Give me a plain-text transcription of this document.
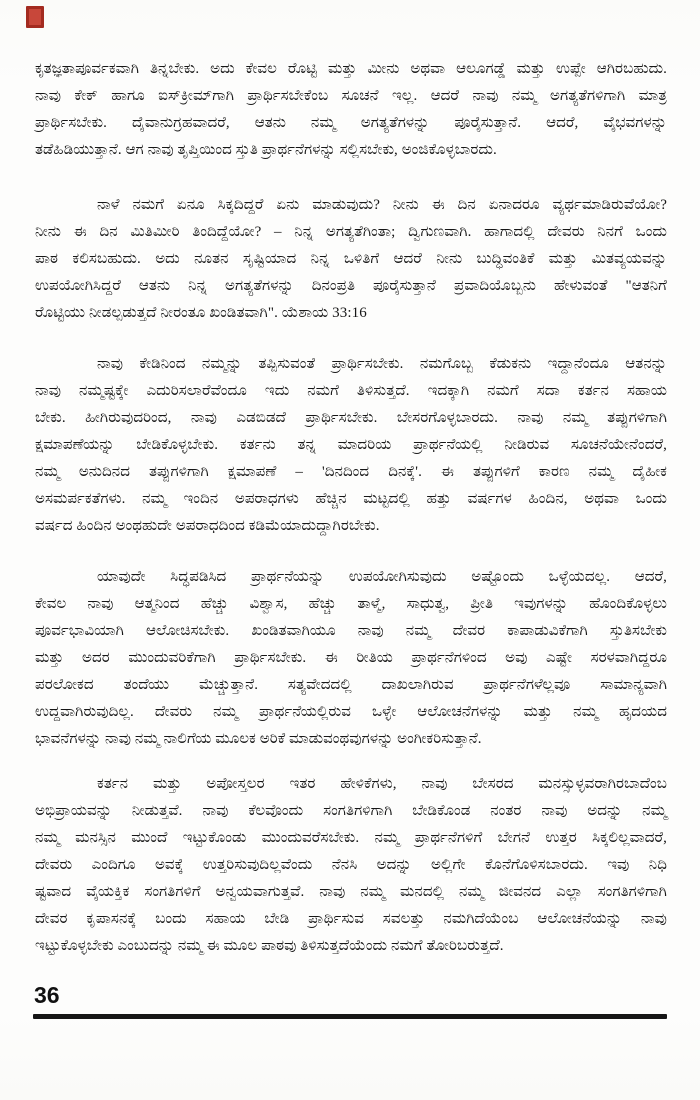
ಕೃತಜ್ಞತಾಪೂರ್ವಕವಾಗಿ ತಿನ್ನಬೇಕು. ಅದು ಕೇವಲ ರೊಟ್ಟಿ ಮತ್ತು ಮೀನು ಅಥವಾ ಆಲೂಗಡ್ಡೆ ಮತ್ತು ಉಪ್ಪೇ ಆಗಿರಬಹುದು.
ನಾವು ಕೇಕ್ ಹಾಗೂ ಐಸ್‌ಕ್ರೀಮ್‌ಗಾಗಿ ಪ್ರಾರ್ಥಿಸಬೇಕೆಂಬ ಸೂಚನೆ ಇಲ್ಲ. ಆದರೆ ನಾವು ನಮ್ಮ ಅಗತ್ಯತೆಗಳಿಗಾಗಿ ಮಾತ್ರ
ಪ್ರಾರ್ಥಿಸಬೇಕು. ದೈವಾನುಗ್ರಹವಾದರೆ, ಆತನು ನಮ್ಮ ಅಗತ್ಯತೆಗಳನ್ನು ಪೂರೈಸುತ್ತಾನೆ. ಆದರೆ, ವೈಭವಗಳನ್ನು
ತಡೆಹಿಡಿಯುತ್ತಾನೆ. ಆಗ ನಾವು ತೃಪ್ತಿಯಿಂದ ಸ್ತುತಿ ಪ್ರಾರ್ಥನೆಗಳನ್ನು ಸಲ್ಲಿಸಬೇಕು, ಅಂಜಿಕೊಳ್ಳಬಾರದು.
ನಾಳೆ ನಮಗೆ ಏನೂ ಸಿಕ್ಕದಿದ್ದರೆ ಏನು ಮಾಡುವುದು? ನೀನು ಈ ದಿನ ಏನಾದರೂ ವ್ಯರ್ಥಮಾಡಿರುವೆಯೋ?
ನೀನು ಈ ದಿನ ಮಿತಿಮೀರಿ ತಿಂದಿದ್ದೆಯೋ? – ನಿನ್ನ ಅಗತ್ಯತೆಗಿಂತಾ; ದ್ವಿಗುಣವಾಗಿ. ಹಾಗಾದಲ್ಲಿ ದೇವರು ನಿನಗೆ ಒಂದು
ಪಾಠ ಕಲಿಸಬಹುದು. ಅದು ನೂತನ ಸೃಷ್ಟಿಯಾದ ನಿನ್ನ ಒಳಿತಿಗೆ ಆದರೆ ನೀನು ಬುದ್ಧಿವಂತಿಕೆ ಮತ್ತು ಮಿತವ್ಯಯವನ್ನು
ಉಪಯೋಗಿಸಿದ್ದರೆ ಆತನು ನಿನ್ನ ಅಗತ್ಯತೆಗಳನ್ನು ದಿನಂಪ್ರತಿ ಪೂರೈಸುತ್ತಾನೆ ಪ್ರವಾದಿಯೊಬ್ಬನು ಹೇಳುವಂತೆ "ಆತನಿಗೆ
ರೊಟ್ಟಿಯು ನೀಡಲ್ಪಡುತ್ತದೆ ನೀರಂತೂ ಖಂಡಿತವಾಗಿ". ಯೆಶಾಯ 33:16
ನಾವು ಕೇಡಿನಿಂದ ನಮ್ಮನ್ನು ತಪ್ಪಿಸುವಂತೆ ಪ್ರಾರ್ಥಿಸಬೇಕು. ನಮಗೊಬ್ಬ ಕೆಡುಕನು ಇದ್ದಾನೆಂದೂ ಆತನನ್ನು
ನಾವು ನಮ್ಮಷ್ಟಕ್ಕೇ ಎದುರಿಸಲಾರೆವೆಂದೂ ಇದು ನಮಗೆ ತಿಳಿಸುತ್ತದೆ. ಇದಕ್ಕಾಗಿ ನಮಗೆ ಸದಾ ಕರ್ತನ ಸಹಾಯ
ಬೇಕು. ಹೀಗಿರುವುದರಿಂದ, ನಾವು ಎಡಬಿಡದೆ ಪ್ರಾರ್ಥಿಸಬೇಕು. ಬೇಸರಗೊಳ್ಳಬಾರದು. ನಾವು ನಮ್ಮ ತಪ್ಪುಗಳಿಗಾಗಿ
ಕ್ಷಮಾಪಣೆಯನ್ನು ಬೇಡಿಕೊಳ್ಳಬೇಕು. ಕರ್ತನು ತನ್ನ ಮಾದರಿಯ ಪ್ರಾರ್ಥನೆಯಲ್ಲಿ ನೀಡಿರುವ ಸೂಚನೆಯೇನೆಂದರೆ,
ನಮ್ಮ ಅನುದಿನದ ತಪ್ಪುಗಳಿಗಾಗಿ ಕ್ಷಮಾಪಣೆ – 'ದಿನದಿಂದ ದಿನಕ್ಕೆ'. ಈ ತಪ್ಪುಗಳಿಗೆ ಕಾರಣ ನಮ್ಮ ದೈಹೀಕ
ಅಸಮರ್ಪಕತೆಗಳು. ನಮ್ಮ ಇಂದಿನ ಅಪರಾಧಗಳು ಹೆಚ್ಚಿನ ಮಟ್ಟದಲ್ಲಿ ಹತ್ತು ವರ್ಷಗಳ ಹಿಂದಿನ, ಅಥವಾ ಒಂದು
ವರ್ಷದ ಹಿಂದಿನ ಅಂಥಹುದೇ ಅಪರಾಧದಿಂದ ಕಡಿಮೆಯಾದುದ್ದಾಗಿರಬೇಕು.
ಯಾವುದೇ ಸಿದ್ಧಪಡಿಸಿದ ಪ್ರಾರ್ಥನೆಯನ್ನು ಉಪಯೋಗಿಸುವುದು ಅಷ್ಟೊಂದು ಒಳ್ಳೆಯದಲ್ಲ. ಆದರೆ,
ಕೇವಲ ನಾವು ಆತ್ಮನಿಂದ ಹೆಚ್ಚು ವಿಶ್ವಾಸ, ಹೆಚ್ಚು ತಾಳ್ಮೆ, ಸಾಧುತ್ವ, ಪ್ರೀತಿ ಇವುಗಳನ್ನು ಹೊಂದಿಕೊಳ್ಳಲು
ಪೂರ್ವಭಾವಿಯಾಗಿ ಆಲೋಚಿಸಬೇಕು. ಖಂಡಿತವಾಗಿಯೂ ನಾವು ನಮ್ಮ ದೇವರ ಕಾಪಾಡುವಿಕೆಗಾಗಿ ಸ್ತುತಿಸಬೇಕು
ಮತ್ತು ಅದರ ಮುಂದುವರಿಕೆಗಾಗಿ ಪ್ರಾರ್ಥಿಸಬೇಕು. ಈ ರೀತಿಯ ಪ್ರಾರ್ಥನೆಗಳಿಂದ ಅವು ಎಷ್ಟೇ ಸರಳವಾಗಿದ್ದರೂ
ಪರಲೋಕದ ತಂದೆಯು ಮೆಚ್ಚುತ್ತಾನೆ. ಸತ್ಯವೇದದಲ್ಲಿ ದಾಖಲಾಗಿರುವ ಪ್ರಾರ್ಥನೆಗಳೆಲ್ಲವೂ ಸಾಮಾನ್ಯವಾಗಿ
ಉದ್ದವಾಗಿರುವುದಿಲ್ಲ. ದೇವರು ನಮ್ಮ ಪ್ರಾರ್ಥನೆಯಲ್ಲಿರುವ ಒಳ್ಳೇ ಆಲೋಚನೆಗಳನ್ನು ಮತ್ತು ನಮ್ಮ ಹೃದಯದ
ಭಾವನೆಗಳನ್ನು ನಾವು ನಮ್ಮ ನಾಲಿಗೆಯ ಮೂಲಕ ಅರಿಕೆ ಮಾಡುವಂಥವುಗಳನ್ನು ಅಂಗೀಕರಿಸುತ್ತಾನೆ.
ಕರ್ತನ ಮತ್ತು ಅಪೋಸ್ತಲರ ಇತರ ಹೇಳಿಕೆಗಳು, ನಾವು ಬೇಸರದ ಮನಸ್ಸುಳ್ಳವರಾಗಿರಬಾದೆಂಬ
ಅಭಿಪ್ರಾಯವನ್ನು ನೀಡುತ್ತವೆ. ನಾವು ಕೆಲವೊಂದು ಸಂಗತಿಗಳಿಗಾಗಿ ಬೇಡಿಕೊಂಡ ನಂತರ ನಾವು ಅದನ್ನು ನಮ್ಮ
ನಮ್ಮ ಮನಸ್ಸಿನ ಮುಂದೆ ಇಟ್ಟುಕೊಂಡು ಮುಂದುವರೆಸಬೇಕು. ನಮ್ಮ ಪ್ರಾರ್ಥನೆಗಳಿಗೆ ಬೇಗನೆ ಉತ್ತರ ಸಿಕ್ಕಲಿಲ್ಲವಾದರೆ,
ದೇವರು ಎಂದಿಗೂ ಅವಕ್ಕೆ ಉತ್ತರಿಸುವುದಿಲ್ಲವೆಂದು ನೆನಸಿ ಅದನ್ನು ಅಲ್ಲಿಗೇ ಕೊನೆಗೊಳಿಸಬಾರದು. ಇವು ನಿಧಿ
ಷ್ಟವಾದ ವೈಯಕ್ತಿಕ ಸಂಗತಿಗಳಿಗೆ ಅನ್ವಯವಾಗುತ್ತವೆ. ನಾವು ನಮ್ಮ ಮನದಲ್ಲಿ ನಮ್ಮ ಜೀವನದ ಎಲ್ಲಾ ಸಂಗತಿಗಳಿಗಾಗಿ
ದೇವರ ಕೃಪಾಸನಕ್ಕೆ ಬಂದು ಸಹಾಯ ಬೇಡಿ ಪ್ರಾರ್ಥಿಸುವ ಸವಲತ್ತು ನಮಗಿದೆಯೆಂಬ ಆಲೋಚನೆಯನ್ನು ನಾವು
ಇಟ್ಟುಕೊಳ್ಳಬೇಕು ಎಂಬುದನ್ನು ನಮ್ಮ ಈ ಮೂಲ ಪಾಠವು ತಿಳಿಸುತ್ತದೆಯೆಂದು ನಮಗೆ ತೋರಿಬರುತ್ತದೆ.
36
